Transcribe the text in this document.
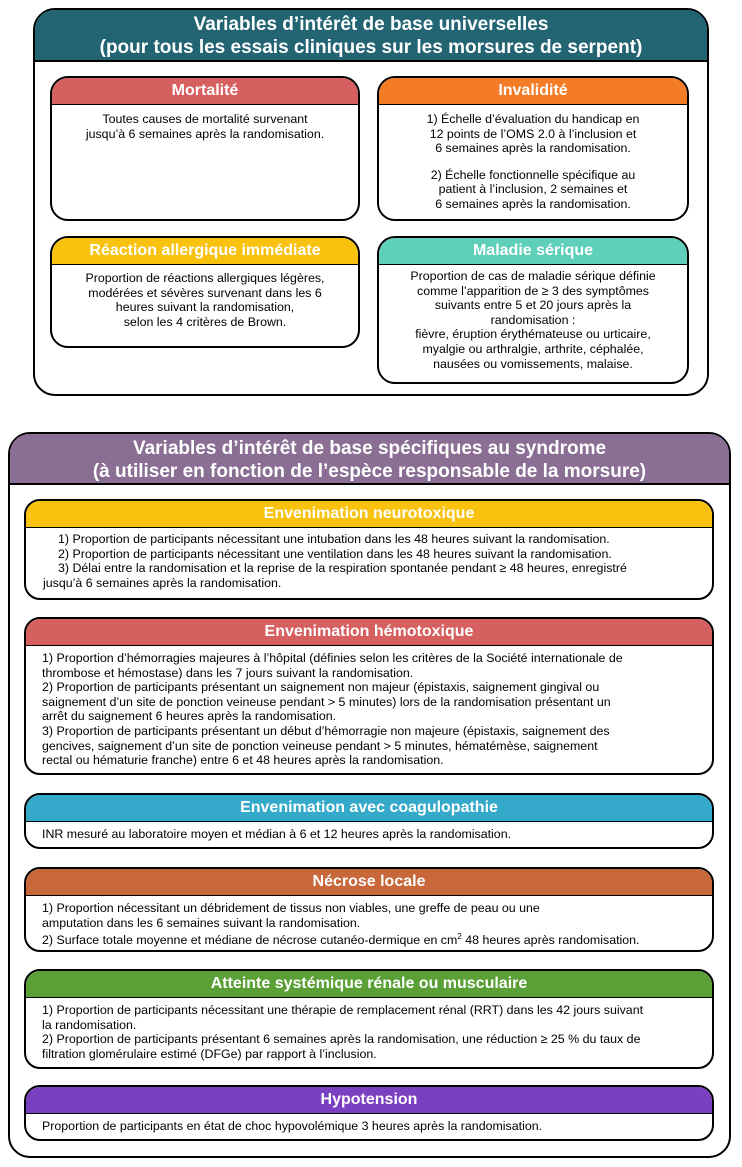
Variables d’intérêt de base universelles
(pour tous les essais cliniques sur les morsures de serpent)
Mortalité
Toutes causes de mortalité survenant
jusqu’à 6 semaines après la randomisation.
Invalidité

1) Échelle d’évaluation du handicap en
12 points de l’OMS 2.0 à l’inclusion et
6 semaines après la randomisation.

2) Échelle fonctionnelle spécifique au
patient à l’inclusion, 2 semaines et
6 semaines après la randomisation.

Réaction allergique immédiate
Proportion de réactions allergiques légères,
modérées et sévères survenant dans les 6
heures suivant la randomisation,
selon les 4 critères de Brown.
Maladie sérique
Proportion de cas de maladie sérique définie
comme l’apparition de ≥ 3 des symptômes
suivants entre 5 et 20 jours après la
randomisation :
fièvre, éruption érythémateuse ou urticaire,
myalgie ou arthralgie, arthrite, céphalée,
nausées ou vomissements, malaise.
Variables d’intérêt de base spécifiques au syndrome
(à utiliser en fonction de l’espèce responsable de la morsure)
Envenimation neurotoxique
1) Proportion de participants nécessitant une intubation dans les 48 heures suivant la randomisation.
2) Proportion de participants nécessitant une ventilation dans les 48 heures suivant la randomisation.
3) Délai entre la randomisation et la reprise de la respiration spontanée pendant ≥ 48 heures, enregistré
jusqu’à 6 semaines après la randomisation.
Envenimation hémotoxique
1) Proportion d’hémorragies majeures à l’hôpital (définies selon les critères de la Société internationale de
thrombose et hémostase) dans les 7 jours suivant la randomisation.
2) Proportion de participants présentant un saignement non majeur (épistaxis, saignement gingival ou
saignement d’un site de ponction veineuse pendant > 5 minutes) lors de la randomisation présentant un
arrêt du saignement 6 heures après la randomisation.
3) Proportion de participants présentant un début d’hémorragie non majeure (épistaxis, saignement des
gencives, saignement d’un site de ponction veineuse pendant > 5 minutes, hématémèse, saignement
rectal ou hématurie franche) entre 6 et 48 heures après la randomisation.
Envenimation avec coagulopathie
INR mesuré au laboratoire moyen et médian à 6 et 12 heures après la randomisation.
Nécrose locale
1) Proportion nécessitant un débridement de tissus non viables, une greffe de peau ou une
amputation dans les 6 semaines suivant la randomisation.
2) Surface totale moyenne et médiane de nécrose cutanéo-dermique en $cm^2$ 48 heures après randomisation.
Atteinte systémique rénale ou musculaire
1) Proportion de participants nécessitant une thérapie de remplacement rénal (RRT) dans les 42 jours suivant
la randomisation.
2) Proportion de participants présentant 6 semaines après la randomisation, une réduction ≥ 25 % du taux de
filtration glomérulaire estimé (DFGe) par rapport à l’inclusion.
Hypotension
Proportion de participants en état de choc hypovolémique 3 heures après la randomisation.
